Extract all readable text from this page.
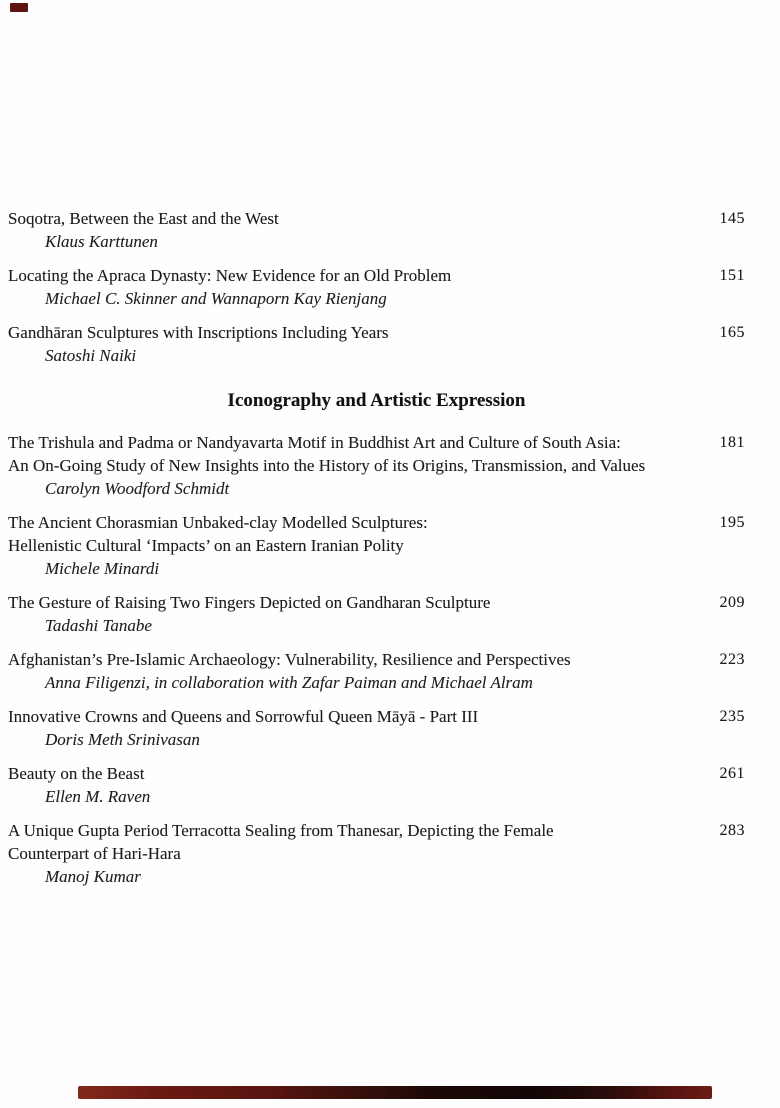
Soqotra, Between the East and the West
Klaus Karttunen
145
Locating the Apraca Dynasty: New Evidence for an Old Problem
Michael C. Skinner and Wannaporn Kay Rienjang
151
Gandhāran Sculptures with Inscriptions Including Years
Satoshi Naiki
165
Iconography and Artistic Expression
The Trishula and Padma or Nandyavarta Motif in Buddhist Art and Culture of South Asia:
An On-Going Study of New Insights into the History of its Origins, Transmission, and Values
Carolyn Woodford Schmidt
181
The Ancient Chorasmian Unbaked-clay Modelled Sculptures:
Hellenistic Cultural ‘Impacts’ on an Eastern Iranian Polity
Michele Minardi
195
The Gesture of Raising Two Fingers Depicted on Gandharan Sculpture
Tadashi Tanabe
209
Afghanistan’s Pre-Islamic Archaeology: Vulnerability, Resilience and Perspectives
Anna Filigenzi, in collaboration with Zafar Paiman and Michael Alram
223
Innovative Crowns and Queens and Sorrowful Queen Māyā - Part III
Doris Meth Srinivasan
235
Beauty on the Beast
Ellen M. Raven
261
A Unique Gupta Period Terracotta Sealing from Thanesar, Depicting the Female
Counterpart of Hari-Hara
Manoj Kumar
283
